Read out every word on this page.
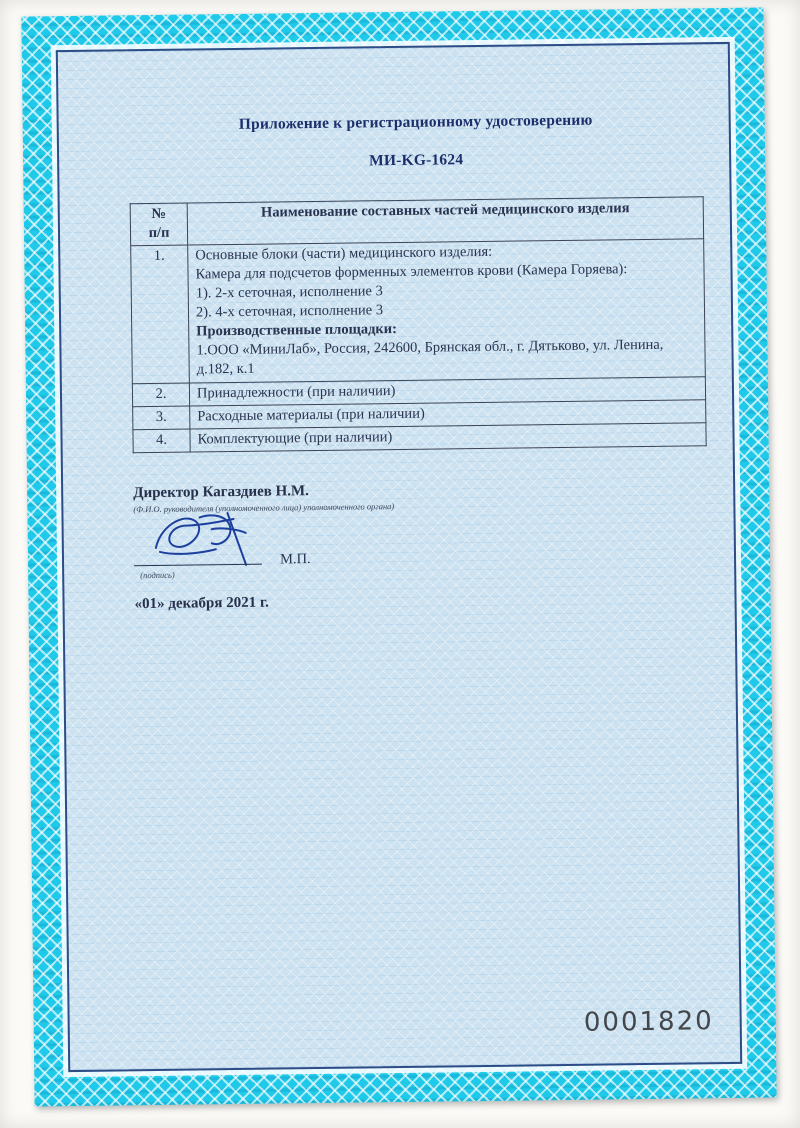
Приложение к регистрационному удостоверению
МИ-KG-1624
№
п/п	Наименование составных частей медицинского изделия
1.	Основные блоки (части) медицинского изделия:
Камера для подсчетов форменных элементов крови (Камера Горяева):
1). 2-х сеточная, исполнение 3
2). 4-х сеточная, исполнение 3
Производственные площадки:
1.ООО «МиниЛаб», Россия, 242600, Брянская обл., г. Дятьково, ул. Ленина, д.182, к.1

2.	Принадлежности (при наличии)

3.	Расходные материалы (при наличии)

4.	Комплектующие (при наличии)
Директор Кагаздиев Н.М.
(Ф.И.О. руководителя (уполномоченного лица) уполномоченного органа)
М.П.
(подпись)
«01» декабря 2021 г.
0001820
